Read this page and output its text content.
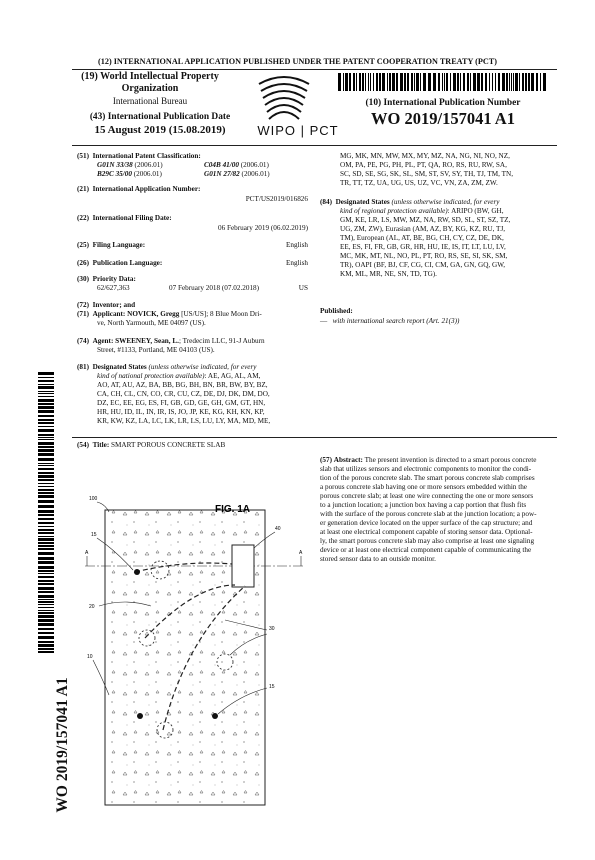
(12) INTERNATIONAL APPLICATION PUBLISHED UNDER THE PATENT COOPERATION TREATY (PCT)
(19) World Intellectual Property
Organization
International Bureau
(43) International Publication Date
15 August 2019 (15.08.2019)	WIPO | PCT
(10) International Publication Number
WO 2019/157041 A1
(51) International Patent Classification:
G01N 33/38 (2006.01)	C04B 41/00 (2006.01)
B29C 35/00 (2006.01)	G01N 27/82 (2006.01)
(21) International Application Number:
PCT/US2019/016826
(22) International Filing Date:
06 February 2019 (06.02.2019)
(25) Filing Language:	English
(26) Publication Language:	English
(30) Priority Data:
62/627,363	07 February 2018 (07.02.2018)	US
(72) Inventor; and
(71) Applicant: NOVICK, Gregg [US/US]; 8 Blue Moon Dri-
ve, North Yarmouth, ME 04097 (US).
(74) Agent: SWEENEY, Sean, L.; Tredecim LLC, 91-J Auburn
Street, #1133, Portland, ME 04103 (US).
(81) Designated States (unless otherwise indicated, for every
kind of national protection available): AE, AG, AL, AM,
AO, AT, AU, AZ, BA, BB, BG, BH, BN, BR, BW, BY, BZ,
CA, CH, CL, CN, CO, CR, CU, CZ, DE, DJ, DK, DM, DO,
DZ, EC, EE, EG, ES, FI, GB, GD, GE, GH, GM, GT, HN,
HR, HU, ID, IL, IN, IR, IS, JO, JP, KE, KG, KH, KN, KP,
KR, KW, KZ, LA, LC, LK, LR, LS, LU, LY, MA, MD, ME,
MG, MK, MN, MW, MX, MY, MZ, NA, NG, NI, NO, NZ,
OM, PA, PE, PG, PH, PL, PT, QA, RO, RS, RU, RW, SA,
SC, SD, SE, SG, SK, SL, SM, ST, SV, SY, TH, TJ, TM, TN,
TR, TT, TZ, UA, UG, US, UZ, VC, VN, ZA, ZM, ZW.
(84) Designated States (unless otherwise indicated, for every
kind of regional protection available): ARIPO (BW, GH,
GM, KE, LR, LS, MW, MZ, NA, RW, SD, SL, ST, SZ, TZ,
UG, ZM, ZW), Eurasian (AM, AZ, BY, KG, KZ, RU, TJ,
TM), European (AL, AT, BE, BG, CH, CY, CZ, DE, DK,
EE, ES, FI, FR, GB, GR, HR, HU, IE, IS, IT, LT, LU, LV,
MC, MK, MT, NL, NO, PL, PT, RO, RS, SE, SI, SK, SM,
TR), OAPI (BF, BJ, CF, CG, CI, CM, GA, GN, GQ, GW,
KM, ML, MR, NE, SN, TD, TG).
Published:
— with international search report (Art. 21(3))
WO 2019/157041 A1
(54) Title: SMART POROUS CONCRETE SLAB
(57) Abstract: The present invention is directed to a smart porous concrete
slab that utilizes sensors and electronic components to monitor the condi-
tion of the porous concrete slab. The smart porous concrete slab comprises
a porous concrete slab having one or more sensors embedded within the
porous concrete slab; at least one wire connecting the one or more sensors
to a junction location; a junction box having a cap portion that flush fits
with the surface of the porous concrete slab at the junction location; a pow-
er generation device located on the upper surface of the cap structure; and
at least one electrical component capable of storing sensor data. Optional-
ly, the smart porous concrete slab may also comprise at least one signaling
device or at least one electrical component capable of communicating the
stored sensor data to an outside monitor.
FIG. 1A
100
A	A
40
15
20
30
10
15
